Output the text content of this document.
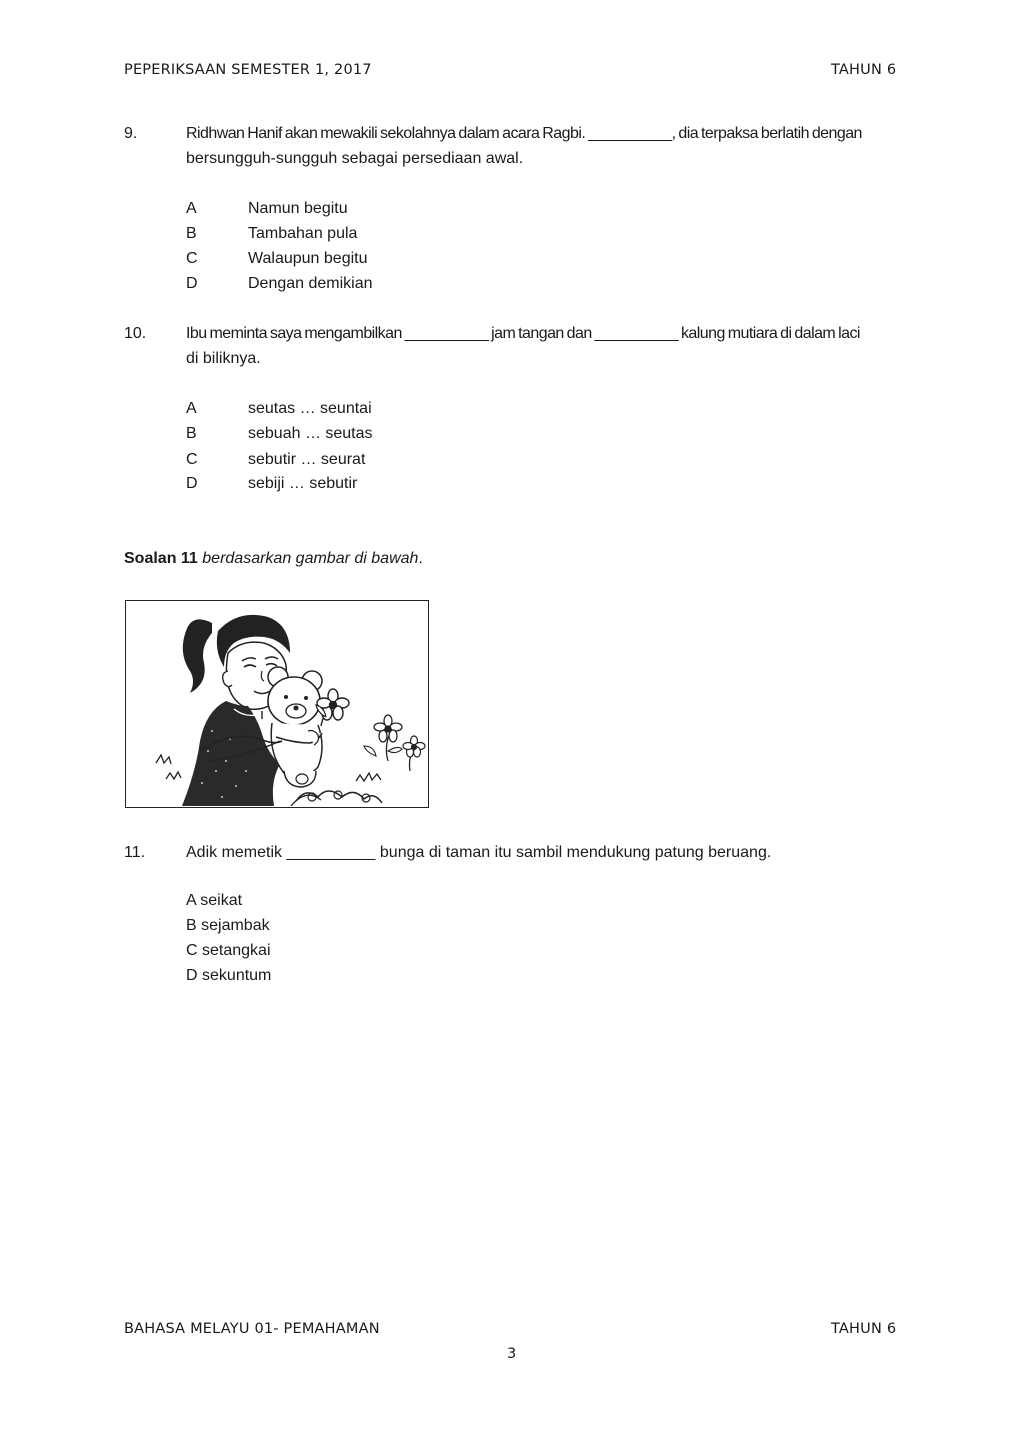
PEPERIKSAAN SEMESTER 1, 2017	TAHUN 6
9.	Ridhwan Hanif akan mewakili sekolahnya dalam acara Ragbi. __________, dia terpaksa berlatih dengan
bersungguh-sungguh sebagai persediaan awal.
A	Namun begitu
B	Tambahan pula
C	Walaupun begitu
D	Dengan demikian
10. Ibu meminta saya mengambilkan __________ jam tangan dan __________ kalung mutiara di dalam laci
di biliknya.
A	seutas … seuntai
B	sebuah … seutas
C	sebutir … seurat
D	sebiji … sebutir
Soalan 11 berdasarkan gambar di bawah.
11.	Adik memetik __________ bunga di taman itu sambil mendukung patung beruang.
A seikat
B sejambak
C setangkai
D sekuntum
BAHASA MELAYU 01- PEMAHAMAN	TAHUN 6
3
